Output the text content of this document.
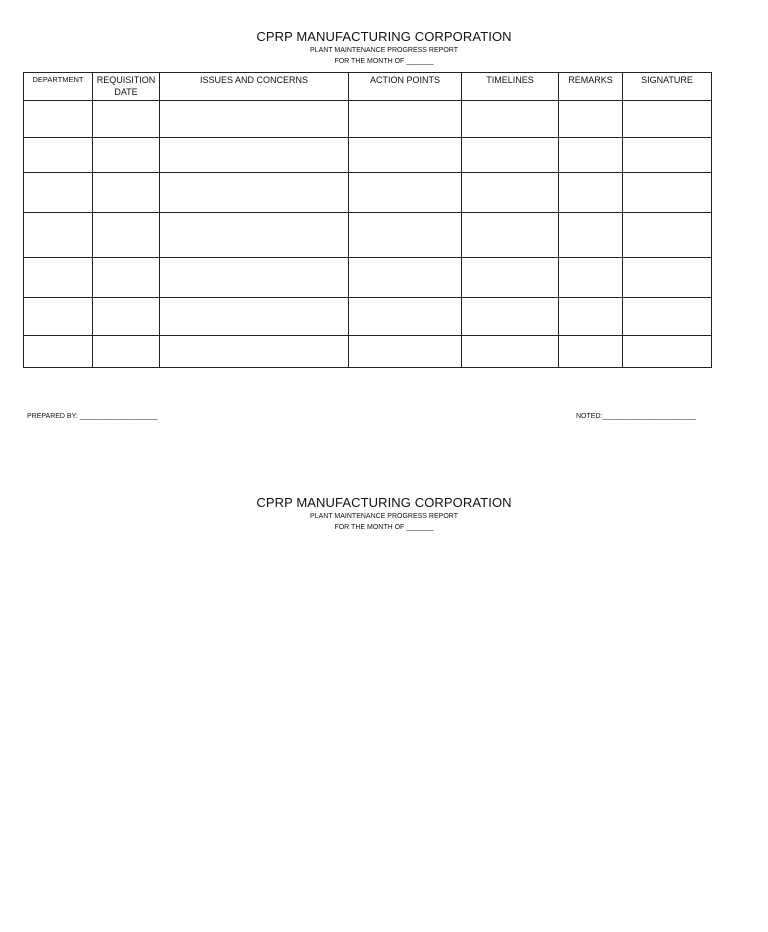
CPRP MANUFACTURING CORPORATION
PLANT MAINTENANCE PROGRESS REPORT
FOR THE MONTH OF _______
DEPARTMENT	REQUISITION DATE	ISSUES AND CONCERNS	ACTION POINTS	TIMELINES	REMARKS	SIGNATURE

PREPARED BY: ____________________	NOTED:________________________
CPRP MANUFACTURING CORPORATION
PLANT MAINTENANCE PROGRESS REPORT
FOR THE MONTH OF _______
